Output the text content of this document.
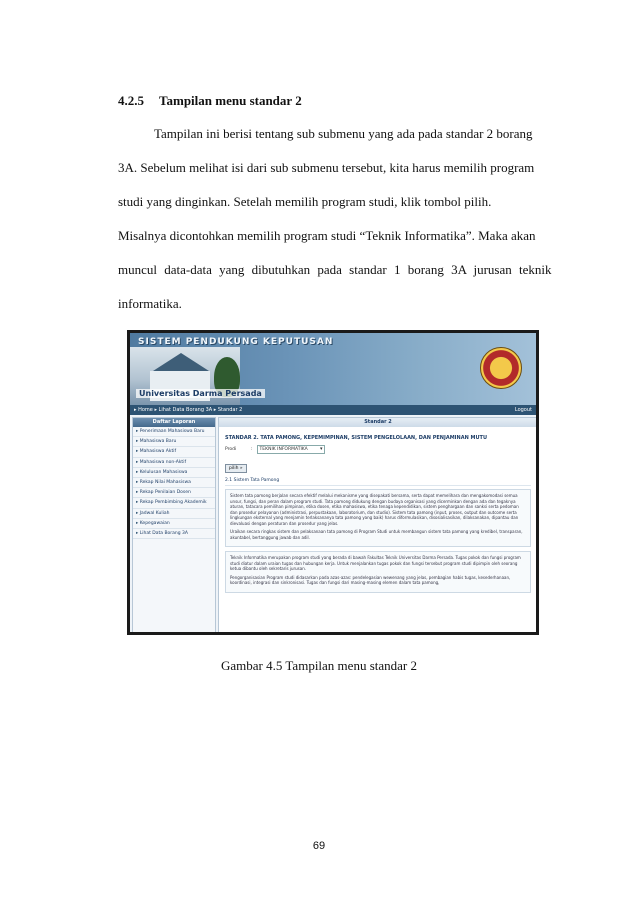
4.2.5 Tampilan menu standar 2
Tampilan ini berisi tentang sub submenu yang ada pada standar 2 borang
3A. Sebelum melihat isi dari sub submenu tersebut, kita harus memilih program
studi yang dinginkan. Setelah memilih program studi, klik tombol pilih.
Misalnya dicontohkan memilih program studi “Teknik Informatika”. Maka akan
muncul data-data yang dibutuhkan pada standar 1 borang 3A jurusan teknik
informatika.
SISTEM PENDUKUNG KEPUTUSAN
Universitas Darma Persada
▸ Home ▸ Lihat Data Borang 3A ▸ Standar 2	Logout
Daftar Laporan
▸ Penerimaan Mahasiswa Baru
▸ Mahasiswa Baru
▸ Mahasiswa Aktif
▸ Mahasiswa non-Aktif
▸ Kelulusan Mahasiswa
▸ Rekap Nilai Mahasiswa
▸ Rekap Penilaian Dosen
▸ Rekap Pembimbing Akademik
▸ Jadwal Kuliah
▸ Kepegawaian
▸ Lihat Data Borang 3A
Standar 2
STANDAR 2. TATA PAMONG, KEPEMIMPINAN, SISTEM PENGELOLAAN, DAN PENJAMINAN MUTU
Prodi	:	TEKNIK INFORMATIKA ▾
pilih »
2.1 Sistem Tata Pamong

Sistem tata pamong berjalan secara efektif melalui mekanisme yang disepakati bersama, serta dapat memelihara dan mengakomodasi semua unsur, fungsi, dan peran dalam program studi. Tata pamong didukung dengan budaya organisasi yang dicerminkan dengan ada dan tegaknya aturan, tatacara pemilihan pimpinan, etika dosen, etika mahasiswa, etika tenaga kependidikan, sistem penghargaan dan sanksi serta pedoman dan prosedur pelayanan (administrasi, perpustakaan, laboratorium, dan studio). Sistem tata pamong (input, proses, output dan outcome serta lingkungan eksternal yang menjamin terlaksananya tata pamong yang baik) harus diformulasikan, disosialisasikan, dilaksanakan, dipantau dan dievaluasi dengan peraturan dan prosedur yang jelas.

Uraikan secara ringkas sistem dan pelaksanaan tata pamong di Program Studi untuk membangun sistem tata pamong yang kredibel, transparan, akuntabel, bertanggung jawab dan adil.

Teknik Informatika merupakan program studi yang berada di bawah Fakultas Teknik Universitas Darma Persada. Tugas pokok dan fungsi program studi diatur dalam uraian tugas dan hubungan kerja. Untuk menjalankan tugas pokok dan fungsi tersebut program studi dipimpin oleh seorang ketua dibantu oleh sekretaris jurusan.

Pengorganisasian Program studi didasarkan pada azas-azas: pendelegasian wewenang yang jelas, pembagian habis tugas, kesederhanaan, koordinasi, integrasi dan sinkronisasi. Tugas dan fungsi dari masing-masing elemen dalam tata pamong,

Gambar 4.5 Tampilan menu standar 2
69
